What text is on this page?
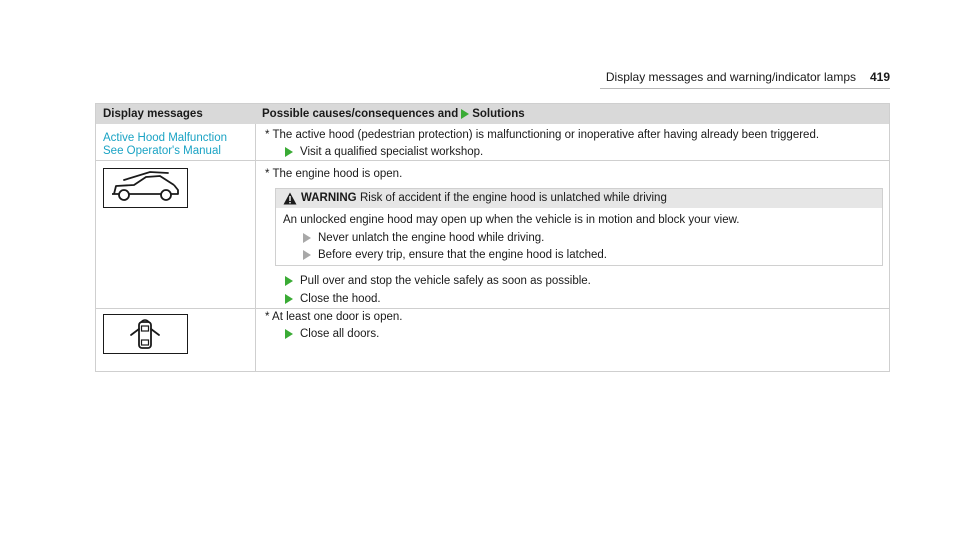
Display messages and warning/indicator lamps 419
Display messages	Possible causes/consequences and Solutions
Active Hood Malfunction
See Operator's Manual
* The active hood (pedestrian protection) is malfunctioning or inoperative after having already been triggered.
Visit a qualified specialist workshop.
* The engine hood is open.
WARNING Risk of accident if the engine hood is unlatched while driving
An unlocked engine hood may open up when the vehicle is in motion and block your view.
Never unlatch the engine hood while driving.
Before every trip, ensure that the engine hood is latched.
Pull over and stop the vehicle safely as soon as possible.
Close the hood.
* At least one door is open.
Close all doors.
